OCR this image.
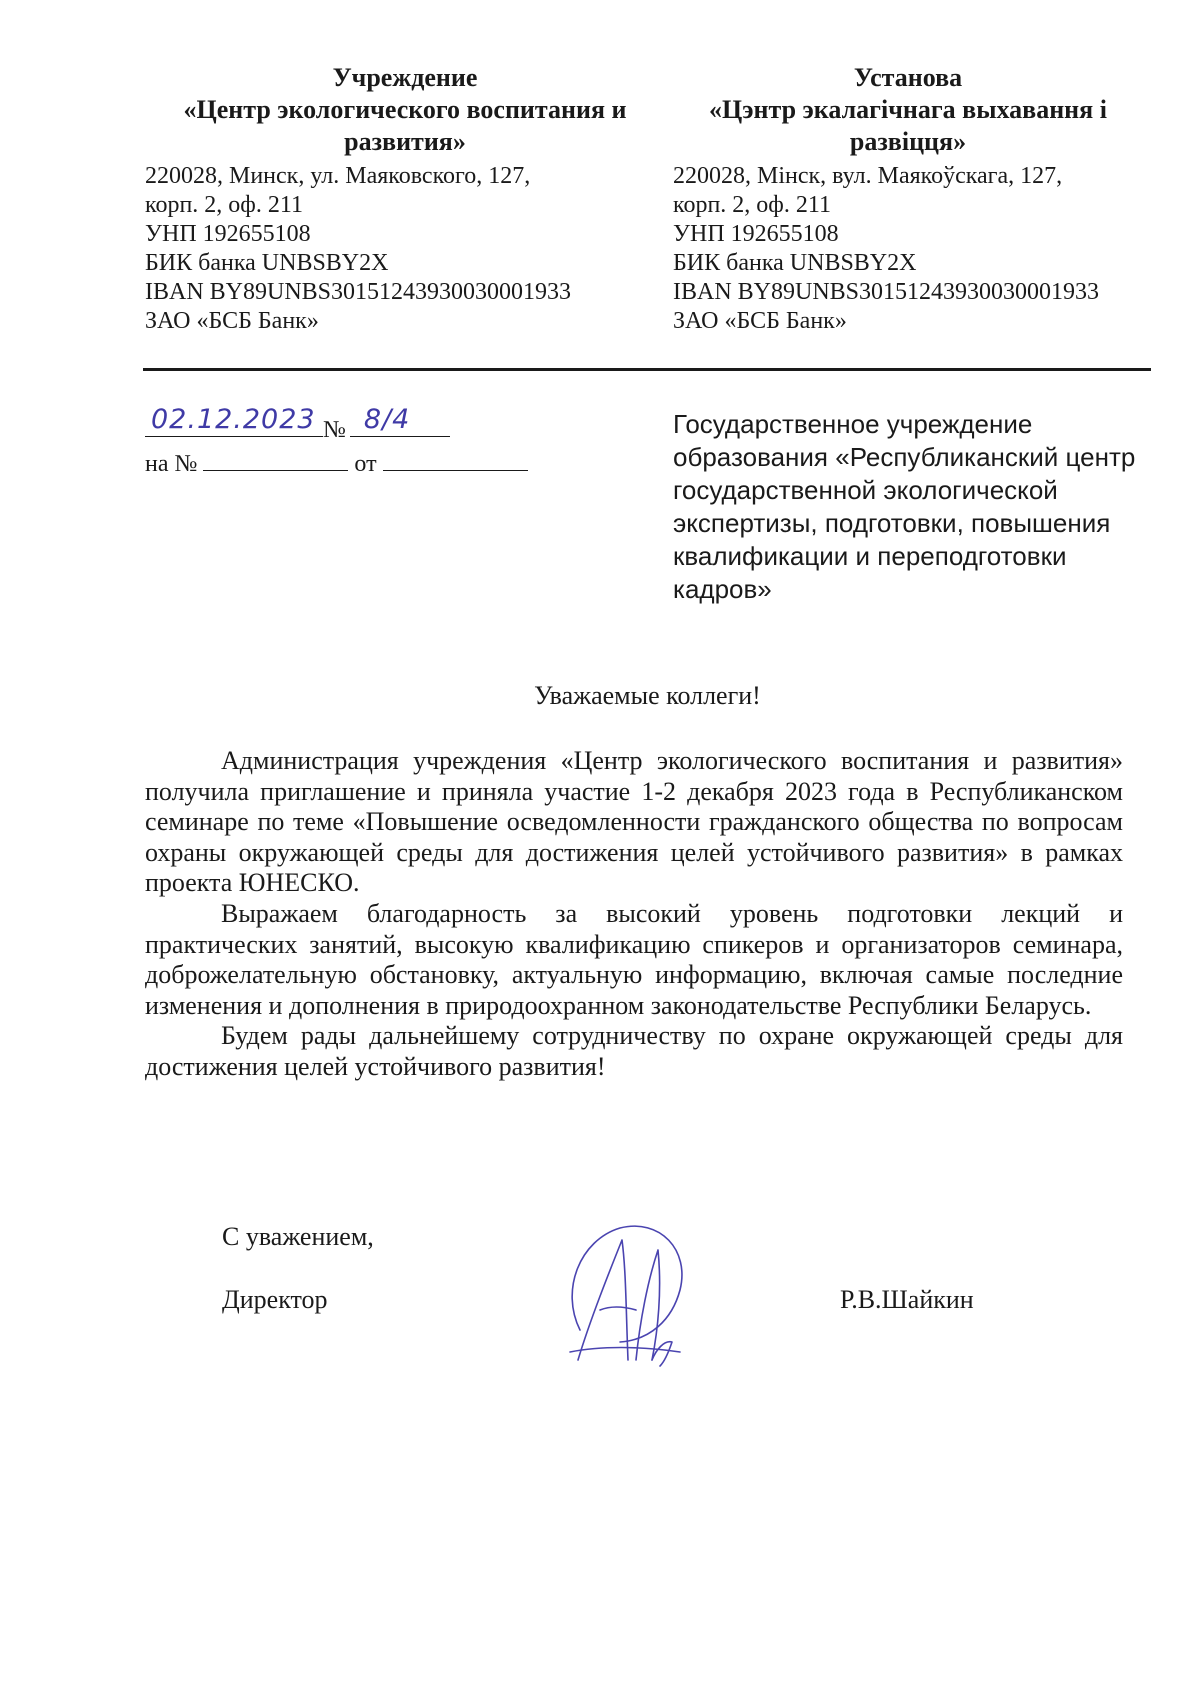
Учреждение
«Центр экологического воспитания и
развития»
220028, Минск, ул. Маяковского, 127,
корп. 2, оф. 211
УНП 192655108
БИК банка UNBSBY2X
IBAN BY89UNBS30151243930030001933
ЗАО «БСБ Банк»
Установа
«Цэнтр экалагічнага выхавання і
развіцця»
220028, Мінск, вул. Маякоўскага, 127,
корп. 2, оф. 211
УНП 192655108
БИК банка UNBSBY2X
IBAN BY89UNBS30151243930030001933
ЗАО «БСБ Банк»
02.12.2023 № 8/4
на №	от
Государственное учреждение
образования «Республиканский центр
государственной экологической
экспертизы, подготовки, повышения
квалификации и переподготовки
кадров»
Уважаемые коллеги!

Администрация учреждения «Центр экологического воспитания и развития» получила приглашение и приняла участие 1-2 декабря 2023 года в Республиканском семинаре по теме «Повышение осведомленности гражданского общества по вопросам охраны окружающей среды для достижения целей устойчивого развития» в рамках проекта ЮНЕСКО.

Выражаем благодарность за высокий уровень подготовки лекций и практических занятий, высокую квалификацию спикеров и организаторов семинара, доброжелательную обстановку, актуальную информацию, включая самые последние изменения и дополнения в природоохранном законодательстве Республики Беларусь.

Будем рады дальнейшему сотрудничеству по охране окружающей среды для достижения целей устойчивого развития!

С уважением,
Директор	Р.В.Шайкин
